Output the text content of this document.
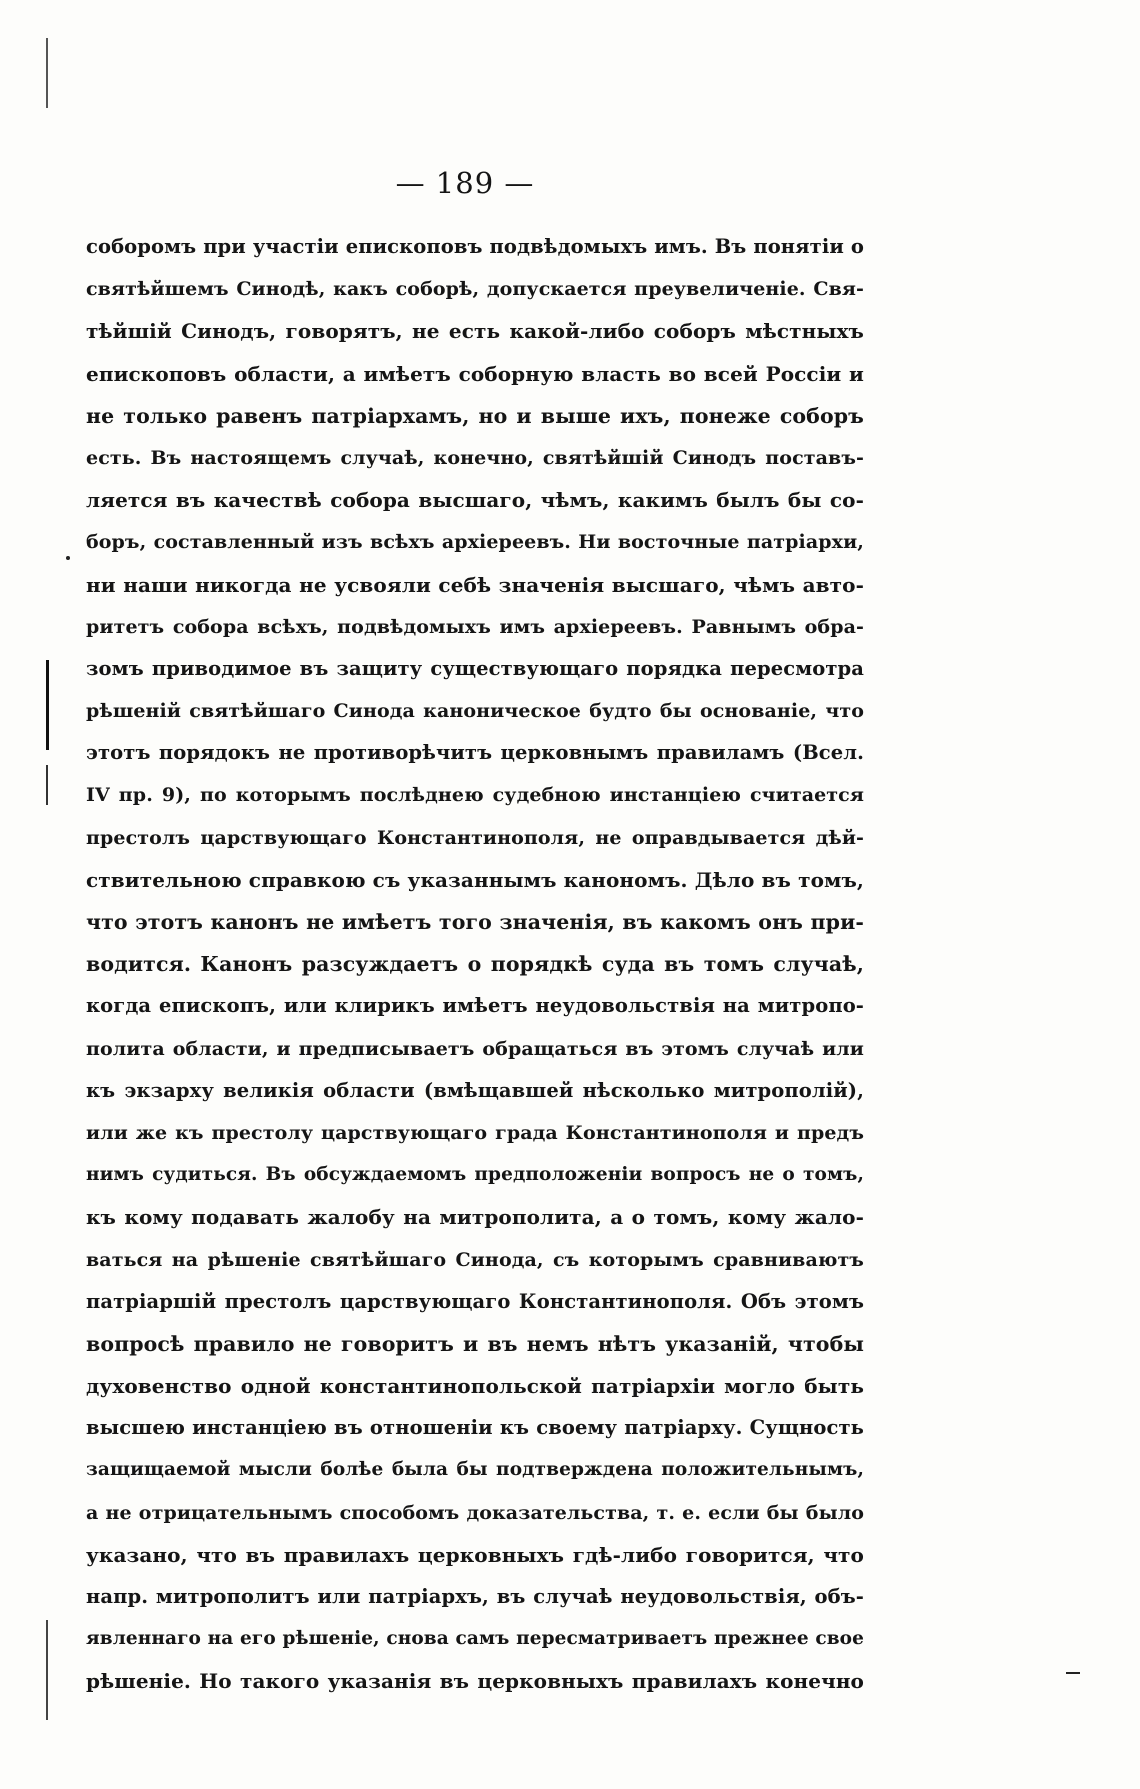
— 189 —
соборомъ при участіи епископовъ подвѣдомыхъ имъ. Въ понятіи о
святѣйшемъ Синодѣ, какъ соборѣ, допускается преувеличеніе. Свя-
тѣйшій Синодъ, говорятъ, не есть какой-либо соборъ мѣстныхъ
епископовъ области, а имѣетъ соборную власть во всей Россіи и
не только равенъ патріархамъ, но и выше ихъ, понеже соборъ
есть. Въ настоящемъ случаѣ, конечно, святѣйшій Синодъ поставъ-
ляется въ качествѣ собора высшаго, чѣмъ, какимъ былъ бы со-
боръ, составленный изъ всѣхъ архіереевъ. Ни восточные патріархи,
ни наши никогда не усвояли себѣ значенія высшаго, чѣмъ авто-
ритетъ собора всѣхъ, подвѣдомыхъ имъ архіереевъ. Равнымъ обра-
зомъ приводимое въ защиту существующаго порядка пересмотра
рѣшеній святѣйшаго Синода каноническое будто бы основаніе, что
этотъ порядокъ не противорѣчитъ церковнымъ правиламъ (Всел.
IV пр. 9), по которымъ послѣднею судебною инстанціею считается
престолъ царствующаго Константинополя, не оправдывается дѣй-
ствительною справкою съ указаннымъ канономъ. Дѣло въ томъ,
что этотъ канонъ не имѣетъ того значенія, въ какомъ онъ при-
водится. Канонъ разсуждаетъ о порядкѣ суда въ томъ случаѣ,
когда епископъ, или клирикъ имѣетъ неудовольствія на митропо-
полита области, и предписываетъ обращаться въ этомъ случаѣ или
къ экзарху великія области (вмѣщавшей нѣсколько митрополій),
или же къ престолу царствующаго града Константинополя и предъ
нимъ судиться. Въ обсуждаемомъ предположеніи вопросъ не о томъ,
къ кому подавать жалобу на митрополита, а о томъ, кому жало-
ваться на рѣшеніе святѣйшаго Синода, съ которымъ сравниваютъ
патріаршій престолъ царствующаго Константинополя. Объ этомъ
вопросѣ правило не говоритъ и въ немъ нѣтъ указаній, чтобы
духовенство одной константинопольской патріархіи могло быть
высшею инстанціею въ отношеніи къ своему патріарху. Сущность
защищаемой мысли болѣе была бы подтверждена положительнымъ,
а не отрицательнымъ способомъ доказательства, т. е. если бы было
указано, что въ правилахъ церковныхъ гдѣ-либо говорится, что
напр. митрополитъ или патріархъ, въ случаѣ неудовольствія, объ-
явленнаго на его рѣшеніе, снова самъ пересматриваетъ прежнее свое
рѣшеніе. Но такого указанія въ церковныхъ правилахъ конечно
